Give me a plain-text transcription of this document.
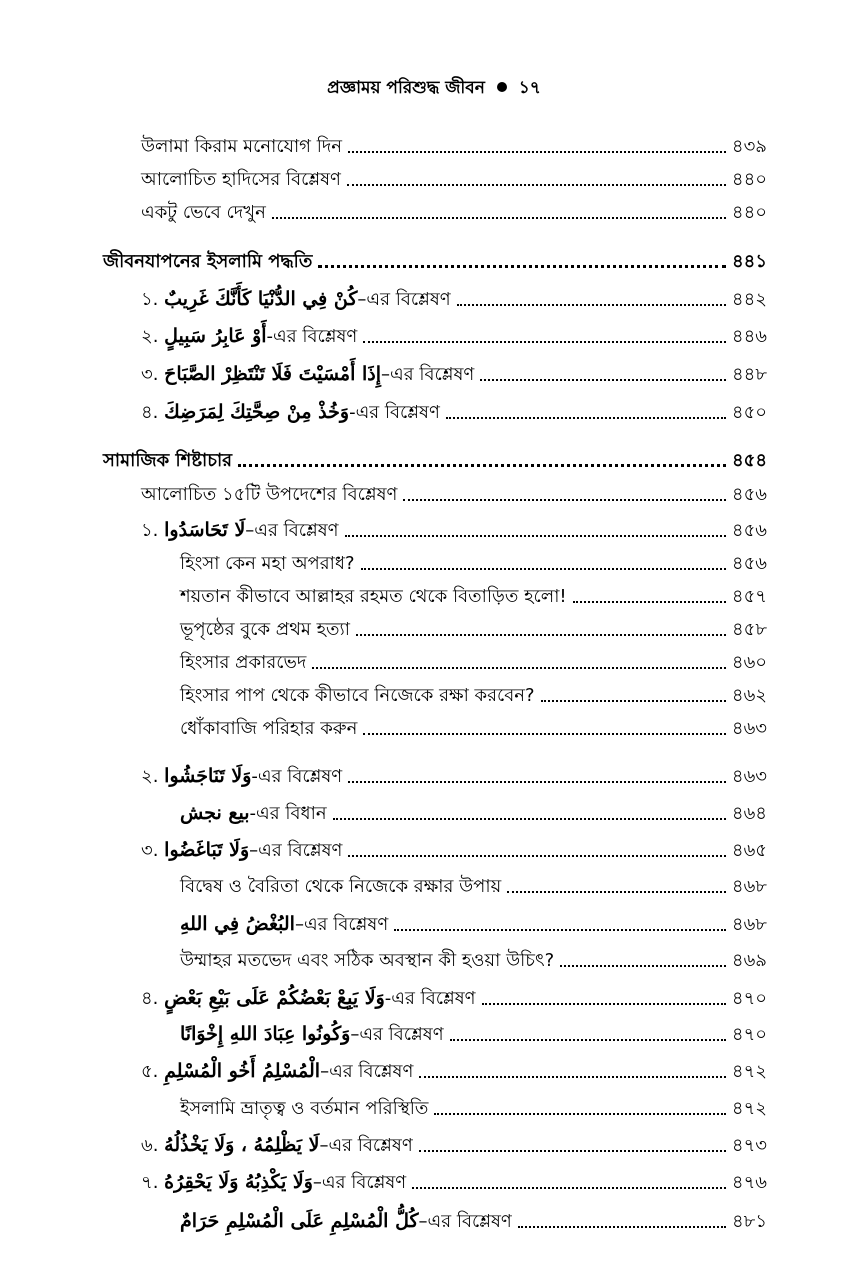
প্রজ্ঞাময় পরিশুদ্ধ জীবন ১৭
উলামা কিরাম মনোযোগ দিন	৪৩৯
আলোচিত হাদিসের বিশ্লেষণ	৪৪০
একটু ভেবে দেখুন	৪৪০
জীবনযাপনের ইসলামি পদ্ধতি	৪৪১
১. كُنْ فِي الدُّنْيَا كَأَنَّكَ غَرِيبٌ–এর বিশ্লেষণ	৪৪২
২. أَوْ عَابِرُ سَبِيلٍ-এর বিশ্লেষণ	৪৪৬
৩. إِذَا أَمْسَيْتَ فَلَا تَنْتَظِرْ الصَّبَاحَ–এর বিশ্লেষণ	৪৪৮
৪. وَخُذْ مِنْ صِحَّتِكَ لِمَرَضِكَ-এর বিশ্লেষণ	৪৫০
সামাজিক শিষ্টাচার	৪৫৪
আলোচিত ১৫টি উপদেশের বিশ্লেষণ	৪৫৬
১. لَا تَحَاسَدُوا–এর বিশ্লেষণ	৪৫৬
হিংসা কেন মহা অপরাধ?	৪৫৬
শয়তান কীভাবে আল্লাহর রহমত থেকে বিতাড়িত হলো!	৪৫৭
ভূপৃষ্ঠের বুকে প্রথম হত্যা	৪৫৮
হিংসার প্রকারভেদ	৪৬০
হিংসার পাপ থেকে কীভাবে নিজেকে রক্ষা করবেন?	৪৬২
ধোঁকাবাজি পরিহার করুন	৪৬৩
২. وَلَا تَنَاجَشُوا-এর বিশ্লেষণ	৪৬৩
بيع نجش-এর বিধান	৪৬৪
৩. وَلَا تَبَاغَضُوا–এর বিশ্লেষণ	৪৬৫
বিদ্বেষ ও বৈরিতা থেকে নিজেকে রক্ষার উপায়	৪৬৮
البُغْضُ فِي اللهِ–এর বিশ্লেষণ	৪৬৮
উম্মাহর মতভেদ এবং সঠিক অবস্থান কী হওয়া উচিৎ?	৪৬৯
৪. وَلَا يَبِعْ بَعْضُكُمْ عَلَى بَيْعِ بَعْضٍ-এর বিশ্লেষণ	৪৭০
وَكُونُوا عِبَادَ اللهِ إِخْوَانًا–এর বিশ্লেষণ	৪৭০
৫. الْمُسْلِمُ أَخُو الْمُسْلِمِ–এর বিশ্লেষণ	৪৭২
ইসলামি ভ্রাতৃত্ব ও বর্তমান পরিস্থিতি	৪৭২
৬. لَا يَظْلِمُهُ ، وَلَا يَخْذُلُهُ–এর বিশ্লেষণ	৪৭৩
৭. وَلَا يَكْذِبُهُ وَلَا يَحْقِرُهُ–এর বিশ্লেষণ	৪৭৬
كُلُّ الْمُسْلِمِ عَلَى الْمُسْلِمِ حَرَامٌ–এর বিশ্লেষণ	৪৮১
